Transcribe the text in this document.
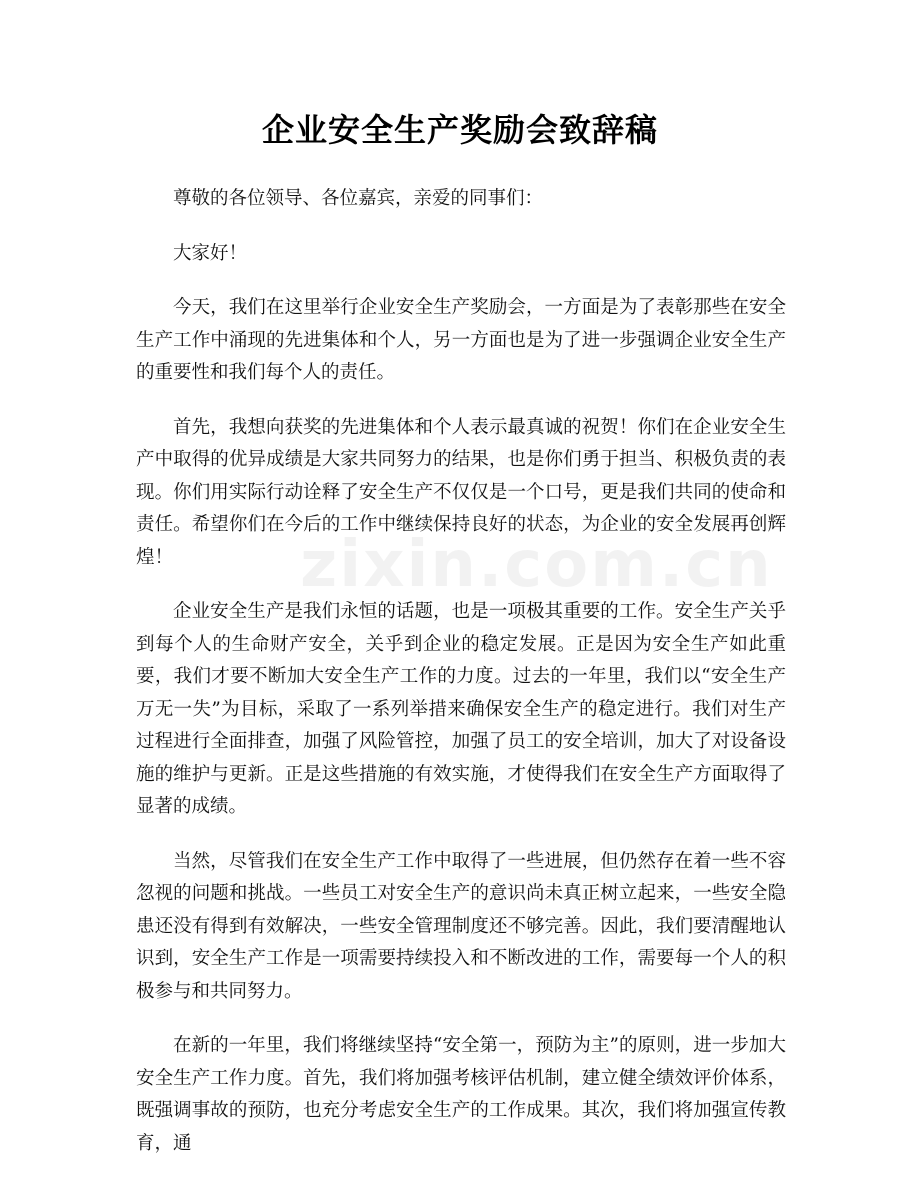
企业安全生产奖励会致辞稿
zixin.com.cn

尊敬的各位领导、各位嘉宾，亲爱的同事们：

大家好！

今天，我们在这里举行企业安全生产奖励会，一方面是为了表彰那些在安全生产工作中涌现的先进集体和个人，另一方面也是为了进一步强调企业安全生产的重要性和我们每个人的责任。

首先，我想向获奖的先进集体和个人表示最真诚的祝贺！你们在企业安全生产中取得的优异成绩是大家共同努力的结果，也是你们勇于担当、积极负责的表现。你们用实际行动诠释了安全生产不仅仅是一个口号，更是我们共同的使命和责任。希望你们在今后的工作中继续保持良好的状态，为企业的安全发展再创辉煌！

企业安全生产是我们永恒的话题，也是一项极其重要的工作。安全生产关乎到每个人的生命财产安全，关乎到企业的稳定发展。正是因为安全生产如此重要，我们才要不断加大安全生产工作的力度。过去的一年里，我们以“安全生产万无一失”为目标，采取了一系列举措来确保安全生产的稳定进行。我们对生产过程进行全面排查，加强了风险管控，加强了员工的安全培训，加大了对设备设施的维护与更新。正是这些措施的有效实施，才使得我们在安全生产方面取得了显著的成绩。

当然，尽管我们在安全生产工作中取得了一些进展，但仍然存在着一些不容忽视的问题和挑战。一些员工对安全生产的意识尚未真正树立起来，一些安全隐患还没有得到有效解决，一些安全管理制度还不够完善。因此，我们要清醒地认识到，安全生产工作是一项需要持续投入和不断改进的工作，需要每一个人的积极参与和共同努力。

在新的一年里，我们将继续坚持“安全第一，预防为主”的原则，进一步加大安全生产工作力度。首先，我们将加强考核评估机制，建立健全绩效评价体系，既强调事故的预防，也充分考虑安全生产的工作成果。其次，我们将加强宣传教育，通
